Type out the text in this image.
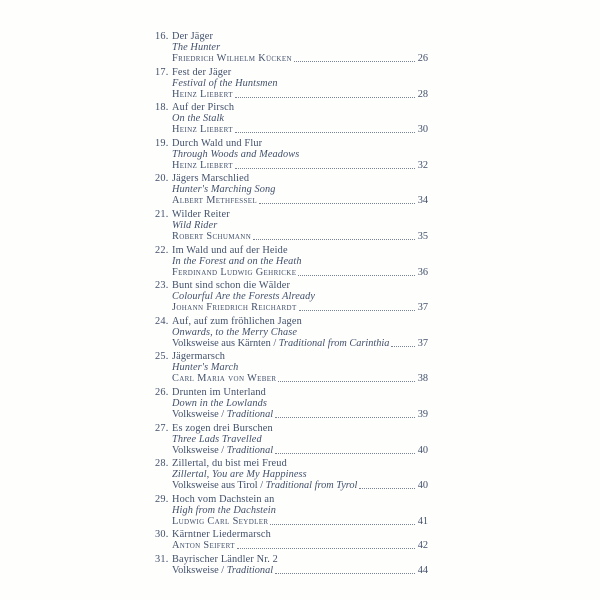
16. Der Jäger
The Hunter
Friedrich Wilhelm Kücken	26
17. Fest der Jäger
Festival of the Huntsmen
Heinz Liebert	28
18. Auf der Pirsch
On the Stalk
Heinz Liebert	30
19. Durch Wald und Flur
Through Woods and Meadows
Heinz Liebert	32
20. Jägers Marschlied
Hunter's Marching Song
Albert Methfessel	34
21. Wilder Reiter
Wild Rider
Robert Schumann	35
22. Im Wald und auf der Heide
In the Forest and on the Heath
Ferdinand Ludwig Gehricke	36
23. Bunt sind schon die Wälder
Colourful Are the Forests Already
Johann Friedrich Reichardt	37
24. Auf, auf zum fröhlichen Jagen
Onwards, to the Merry Chase
Volksweise aus Kärnten / Traditional from Carinthia	37
25. Jägermarsch
Hunter's March
Carl Maria von Weber	38
26. Drunten im Unterland
Down in the Lowlands
Volksweise / Traditional	39
27. Es zogen drei Burschen
Three Lads Travelled
Volksweise / Traditional	40
28. Zillertal, du bist mei Freud
Zillertal, You are My Happiness
Volksweise aus Tirol / Traditional from Tyrol	40
29. Hoch vom Dachstein an
High from the Dachstein
Ludwig Carl Seydler	41
30. Kärntner Liedermarsch
Anton Seifert	42
31. Bayrischer Ländler Nr. 2
Volksweise / Traditional	44
